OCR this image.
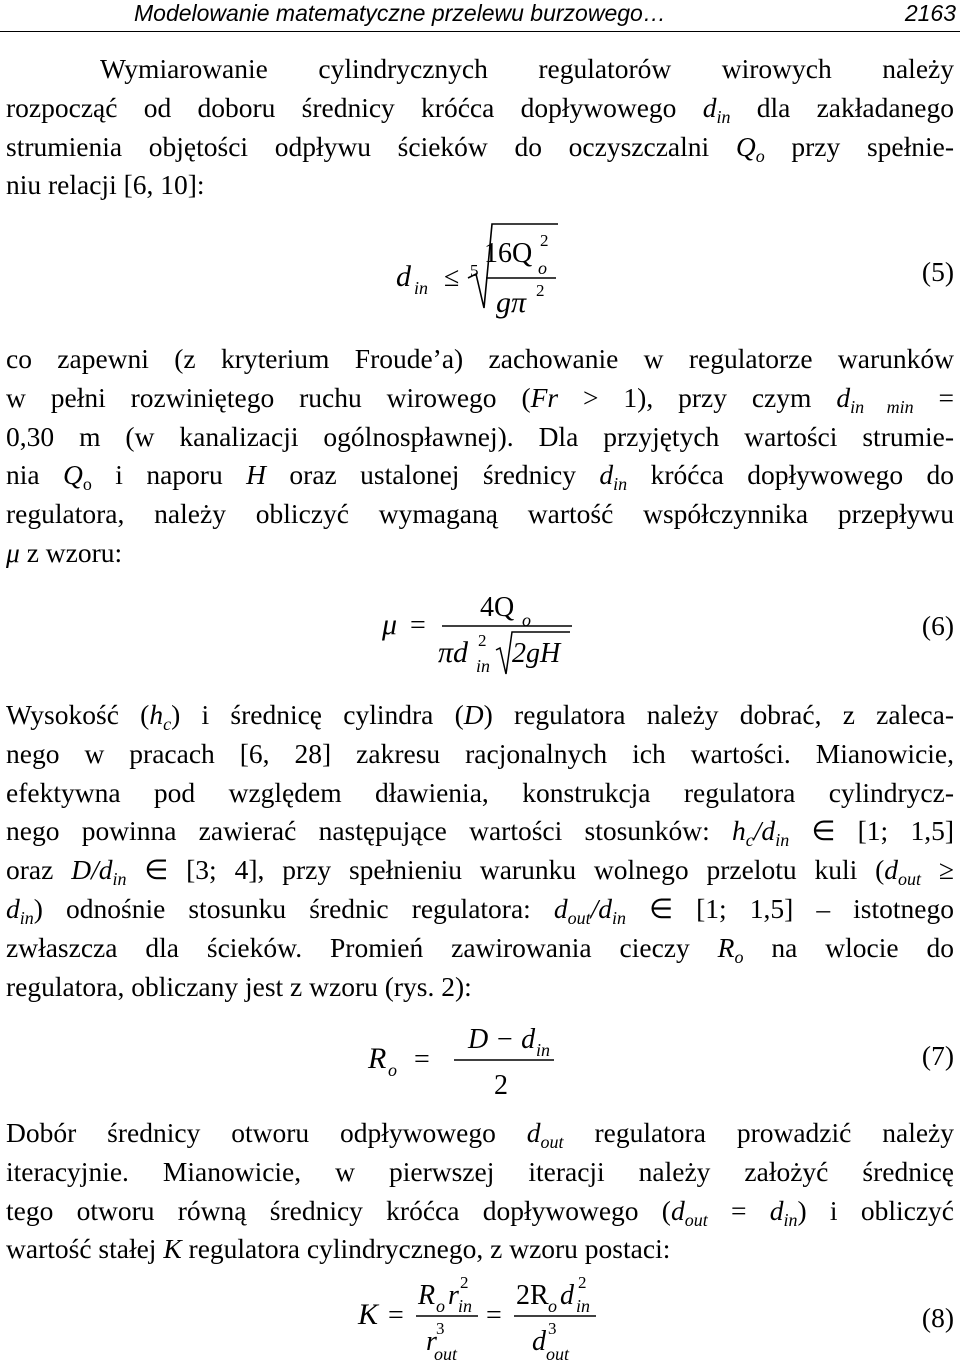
Modelowanie matematyczne przelewu burzowego…	2163
Wymiarowanie cylindrycznych regulatorów wirowych należy
rozpocząć od doboru średnicy króćca dopływowego $d_{in}$ dla zakładanego
strumienia objętości odpływu ścieków do oczyszczalni $Q_o$ przy spełnie-
niu relacji [6, 10]:
d in ≤ 5
16Q o
2
gπ 2
(5)
co zapewni (z kryterium Froude’a) zachowanie w regulatorze warunków
w pełni rozwiniętego ruchu wirowego (Fr > 1), przy czym $d_{in min}$ =
0,30 m (w kanalizacji ogólnospławnej). Dla przyjętych wartości strumie-
nia $Q_o$ i naporu H oraz ustalonej średnicy $d_{in}$ króćca dopływowego do
regulatora, należy obliczyć wymaganą wartość współczynnika przepływu
μ z wzoru:
μ =
4Q o
πd 2
in 2gH
(6)
Wysokość $(h_c)$ i średnicę cylindra (D) regulatora należy dobrać, z zaleca-
nego w pracach [6, 28] zakresu racjonalnych ich wartości. Mianowicie,
efektywna pod względem dławienia, konstrukcja regulatora cylindrycz-
nego powinna zawierać następujące wartości stosunków: $h_c/d_{in}$ ∈ [1; 1,5]
oraz $D/d_{in}$ ∈ [3; 4], przy spełnieniu warunku wolnego przelotu kuli ($d_{out}$ ≥
$d_{in}$) odnośnie stosunku średnic regulatora: $d_{out}/d_{in}$ ∈ [1; 1,5] – istotnego
zwłaszcza dla ścieków. Promień zawirowania cieczy $R_o$ na wlocie do
regulatora, obliczany jest z wzoru (rys. 2):
R o =
D − d in
2
(7)
Dobór średnicy otworu odpływowego $d_{out}$ regulatora prowadzić należy
iteracyjnie. Mianowicie, w pierwszej iteracji należy założyć średnicę
tego otworu równą średnicy króćca dopływowego $(d_{out} = d_{in})$ i obliczyć
wartość stałej K regulatora cylindrycznego, z wzoru postaci:
K =
R o r in
2
r 3
out
=
2R o d in
2
d 3
out
(8)
